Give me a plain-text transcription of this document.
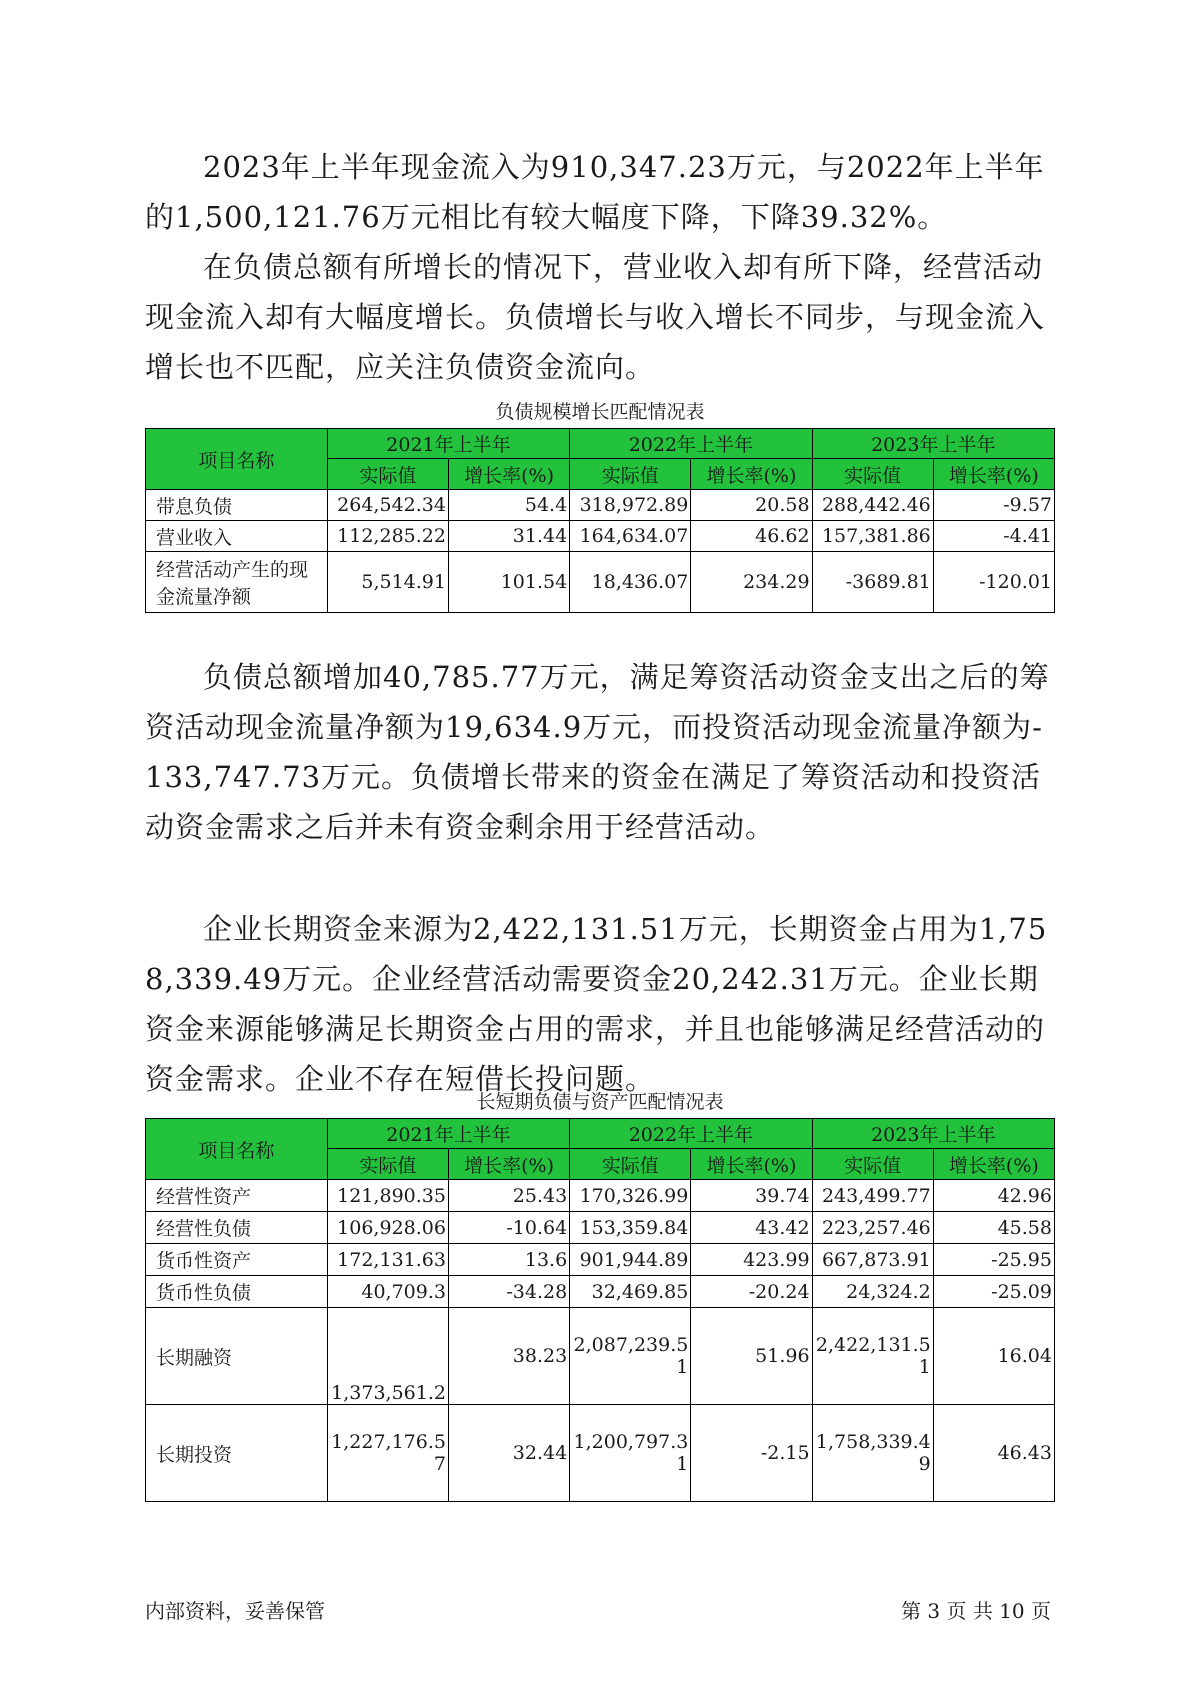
2023年上半年现金流入为910,347.23万元，与2022年上半年的1,500,121.76万元相比有较大幅度下降，下降39.32%。

在负债总额有所增长的情况下，营业收入却有所下降，经营活动现金流入却有大幅度增长。负债增长与收入增长不同步，与现金流入增长也不匹配，应关注负债资金流向。

负债规模增长匹配情况表
项目名称	2021年上半年		2022年上半年		2023年上半年	
	实际值	增长率(%)	实际值	增长率(%)	实际值	增长率(%)
带息负债	264,542.34	54.4	318,972.89	20.58	288,442.46	-9.57
营业收入	112,285.22	31.44	164,634.07	46.62	157,381.86	-4.41
经营活动产生的现金流量净额	5,514.91	101.54	18,436.07	234.29	-3689.81	-120.01

负债总额增加40,785.77万元，满足筹资活动资金支出之后的筹资活动现金流量净额为19,634.9万元，而投资活动现金流量净额为-133,747.73万元。负债增长带来的资金在满足了筹资活动和投资活动资金需求之后并未有资金剩余用于经营活动。

企业长期资金来源为2,422,131.51万元，长期资金占用为1,758,339.49万元。企业经营活动需要资金20,242.31万元。企业长期资金来源能够满足长期资金占用的需求，并且也能够满足经营活动的资金需求。企业不存在短借长投问题。

长短期负债与资产匹配情况表
项目名称	2021年上半年		2022年上半年		2023年上半年	
	实际值	增长率(%)	实际值	增长率(%)	实际值	增长率(%)
经营性资产	121,890.35	25.43	170,326.99	39.74	243,499.77	42.96
经营性负债	106,928.06	-10.64	153,359.84	43.42	223,257.46	45.58
货币性资产	172,131.63	13.6	901,944.89	423.99	667,873.91	-25.95
货币性负债	40,709.3	-34.28	32,469.85	-20.24	24,324.2	-25.09
长期融资	1,373,561.2	38.23	2,087,239.51	51.96	2,422,131.51	16.04
长期投资	1,227,176.57	32.44	1,200,797.31	-2.15	1,758,339.49	46.43
内部资料，妥善保管	第 3 页 共 10 页
